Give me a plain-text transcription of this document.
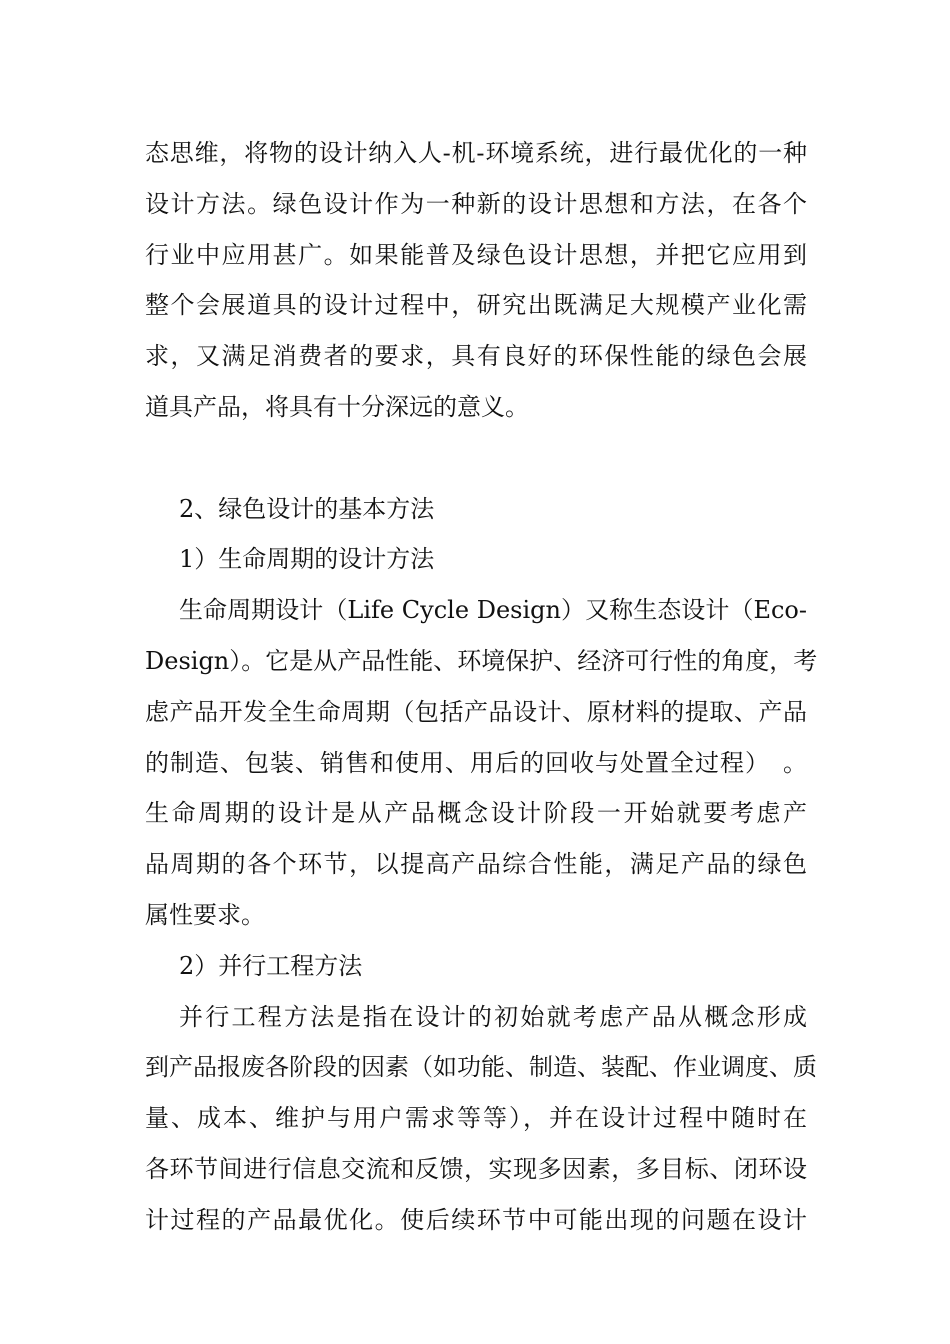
态思维，将物的设计纳入人-机-环境系统，进行最优化的一种
设计方法。绿色设计作为一种新的设计思想和方法，在各个
行业中应用甚广。如果能普及绿色设计思想，并把它应用到
整个会展道具的设计过程中，研究出既满足大规模产业化需
求，又满足消费者的要求，具有良好的环保性能的绿色会展
道具产品，将具有十分深远的意义。
2、绿色设计的基本方法
1）生命周期的设计方法
生命周期设计（Life Cycle Design）又称生态设计（Eco-
Design）。它是从产品性能、环境保护、经济可行性的角度，考
虑产品开发全生命周期（包括产品设计、原材料的提取、产品
的制造、包装、销售和使用、用后的回收与处置全过程）　。
生命周期的设计是从产品概念设计阶段一开始就要考虑产
品周期的各个环节，以提高产品综合性能，满足产品的绿色
属性要求。
2）并行工程方法
并行工程方法是指在设计的初始就考虑产品从概念形成
到产品报废各阶段的因素（如功能、制造、装配、作业调度、质
量、成本、维护与用户需求等等），并在设计过程中随时在
各环节间进行信息交流和反馈，实现多因素，多目标、闭环设
计过程的产品最优化。使后续环节中可能出现的问题在设计
